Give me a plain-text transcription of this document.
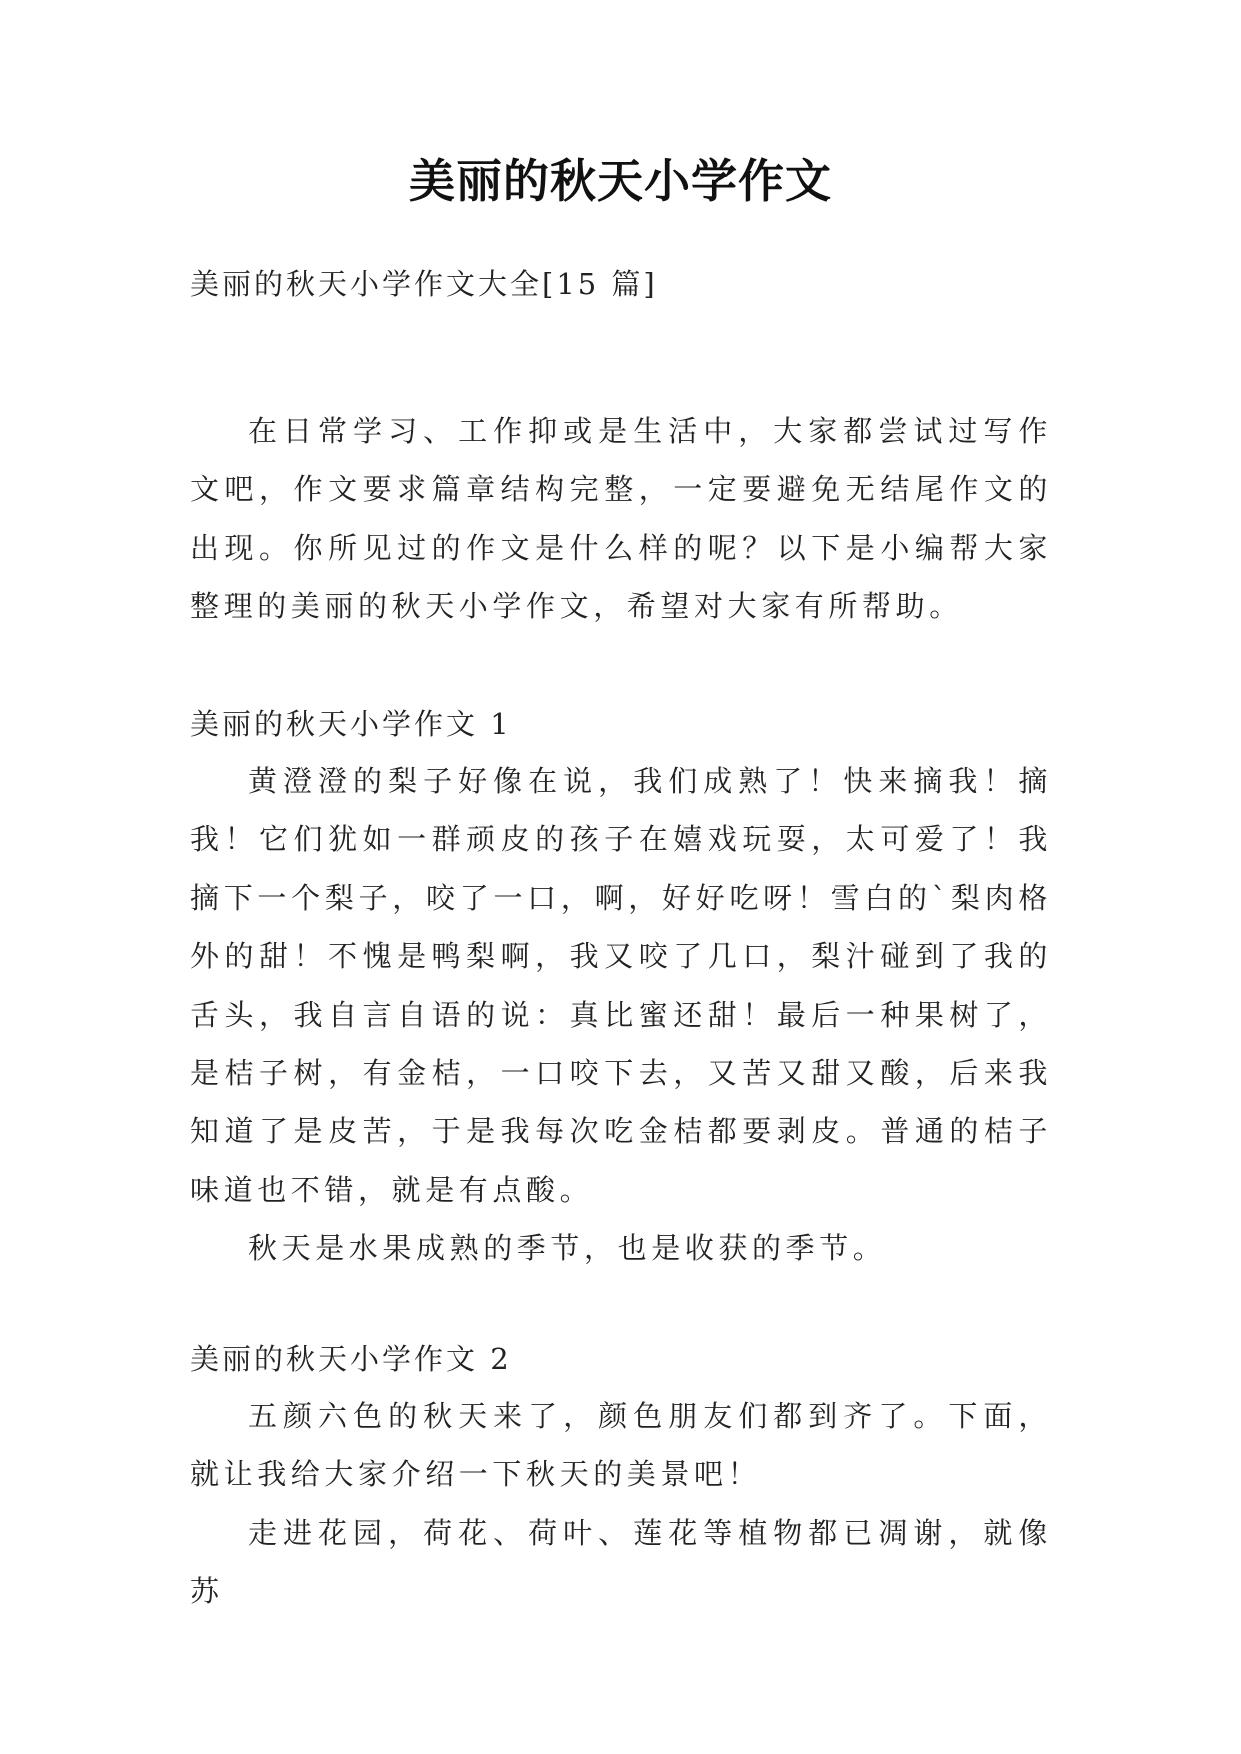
美丽的秋天小学作文
美丽的秋天小学作文大全[15 篇]

在日常学习、工作抑或是生活中，大家都尝试过写作文吧，作文要求篇章结构完整，一定要避免无结尾作文的出现。你所见过的作文是什么样的呢？以下是小编帮大家整理的美丽的秋天小学作文，希望对大家有所帮助。

美丽的秋天小学作文 1

黄澄澄的梨子好像在说，我们成熟了！快来摘我！摘我！它们犹如一群顽皮的孩子在嬉戏玩耍，太可爱了！我摘下一个梨子，咬了一口，啊，好好吃呀！雪白的`梨肉格外的甜！不愧是鸭梨啊，我又咬了几口，梨汁碰到了我的舌头，我自言自语的说：真比蜜还甜！最后一种果树了，是桔子树，有金桔，一口咬下去，又苦又甜又酸，后来我知道了是皮苦，于是我每次吃金桔都要剥皮。普通的桔子味道也不错，就是有点酸。

秋天是水果成熟的季节，也是收获的季节。

美丽的秋天小学作文 2

五颜六色的秋天来了，颜色朋友们都到齐了。下面，就让我给大家介绍一下秋天的美景吧！

走进花园，荷花、荷叶、莲花等植物都已凋谢，就像苏
